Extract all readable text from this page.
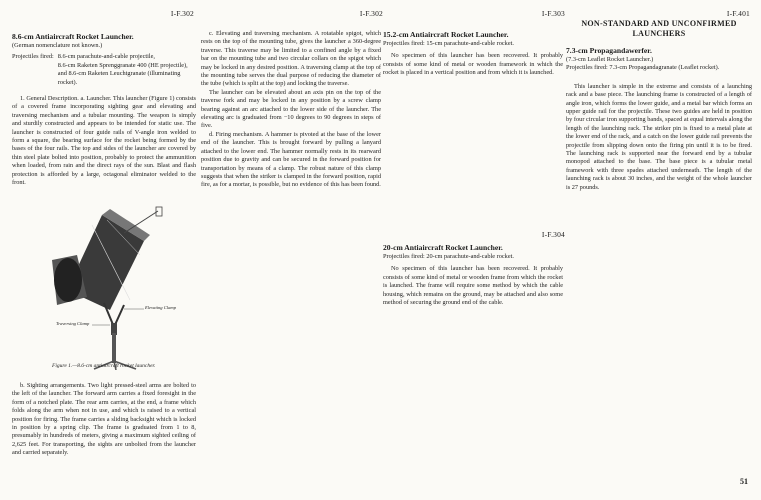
I-F.302
8.6-cm Antiaircraft Rocket Launcher.
(German nomenclature not known.)
Projectiles fired: 8.6-cm parachute-and-cable projectile,
8.6-cm Raketen Sprenggranate 400 (HE projectile), and 8.6-cm Raketen Leuchtgranate (illuminating rocket).

1. General Description. a. Launcher. This launcher (Figure 1) consists of a covered frame incorporating sighting gear and elevating and traversing mechanism and a tubular mounting. The weapon is simply and sturdily constructed and appears to be intended for static use. The launcher is constructed of four guide rails of V-angle iron welded to form a square, the bearing surface for the rocket being formed by the bases of the four rails. The top and sides of the launcher are covered by thin steel plate bolted into position, probably to protect the ammunition when loaded, from rain and the direct rays of the sun. Blast and flash protection is afforded by a large, octagonal eliminator welded to the front.

Elevating Clamp
Traversing Clamp
Figure 1.—8.6-cm antiaircraft rocket launcher.

b. Sighting arrangements. Two light pressed-steel arms are bolted to the left of the launcher. The forward arm carries a fixed foresight in the form of a notched plate. The rear arm carries, at the end, a frame which folds along the arm when not in use, and which is raised to a vertical position for firing. The frame carries a sliding backsight which is locked in position by a spring clip. The frame is graduated from 1 to 8, presumably in hundreds of meters, giving a maximum sighted ceiling of 2,625 feet. For transporting, the sights are unbolted from the launcher and carried separately.

I-F.302

c. Elevating and traversing mechanism. A rotatable spigot, which rests on the top of the mounting tube, gives the launcher a 360-degree traverse. This traverse may be limited to a confined angle by a fixed bar on the mounting tube and two circular collars on the spigot which may be locked in any desired position. A traversing clamp at the top of the mounting tube serves the dual purpose of reducing the diameter of the tube (which is split at the top) and locking the traverse.

The launcher can be elevated about an axis pin on the top of the traverse fork and may be locked in any position by a screw clamp bearing against an arc attached to the lower side of the launcher. The elevating arc is graduated from −10 degrees to 90 degrees in steps of five.

d. Firing mechanism. A hammer is pivoted at the base of the lower end of the launcher. This is brought forward by pulling a lanyard attached to the lower end. The hammer normally rests in its rearward position due to gravity and can be secured in the forward position for transportation by means of a clamp. The robust nature of this clamp suggests that when the striker is clamped in the forward position, rapid fire, as for a mortar, is possible, but no evidence of this has been found.

I-F.303
15.2-cm Antiaircraft Rocket Launcher.
Projectiles fired: 15-cm parachute-and-cable rocket.

No specimen of this launcher has been recovered. It probably consists of some kind of metal or wooden framework in which the rocket is placed in a vertical position and from which it is launched.

I-F.304
20-cm Antiaircraft Rocket Launcher.
Projectiles fired: 20-cm parachute-and-cable rocket.

No specimen of this launcher has been recovered. It probably consists of some kind of metal or wooden frame from which the rocket is launched. The frame will require some method by which the cable housing, which remains on the ground, may be attached and also some method of securing the ground end of the cable.

I-F.401
NON-STANDARD AND UNCONFIRMED
LAUNCHERS
7.3-cm Propagandawerfer.
(7.3-cm Leaflet Rocket Launcher.)
Projectiles fired: 7.3-cm Propagandagranate (Leaflet rocket).

This launcher is simple in the extreme and consists of a launching rack and a base piece. The launching frame is constructed of a length of angle iron, which forms the lower guide, and a metal bar which forms an upper guide rail for the projectile. These two guides are held in position by four circular iron supporting bands, spaced at equal intervals along the length of the launching rack. The striker pin is fixed to a metal plate at the lower end of the rack, and a catch on the lower guide rail prevents the projectile from slipping down onto the firing pin until it is to be fired. The launching rack is supported near the forward end by a tubular monopod attached to the base. The base piece is a tubular metal framework with three spades attached underneath. The length of the launching rack is about 30 inches, and the weight of the whole launcher is 27 pounds.

51
